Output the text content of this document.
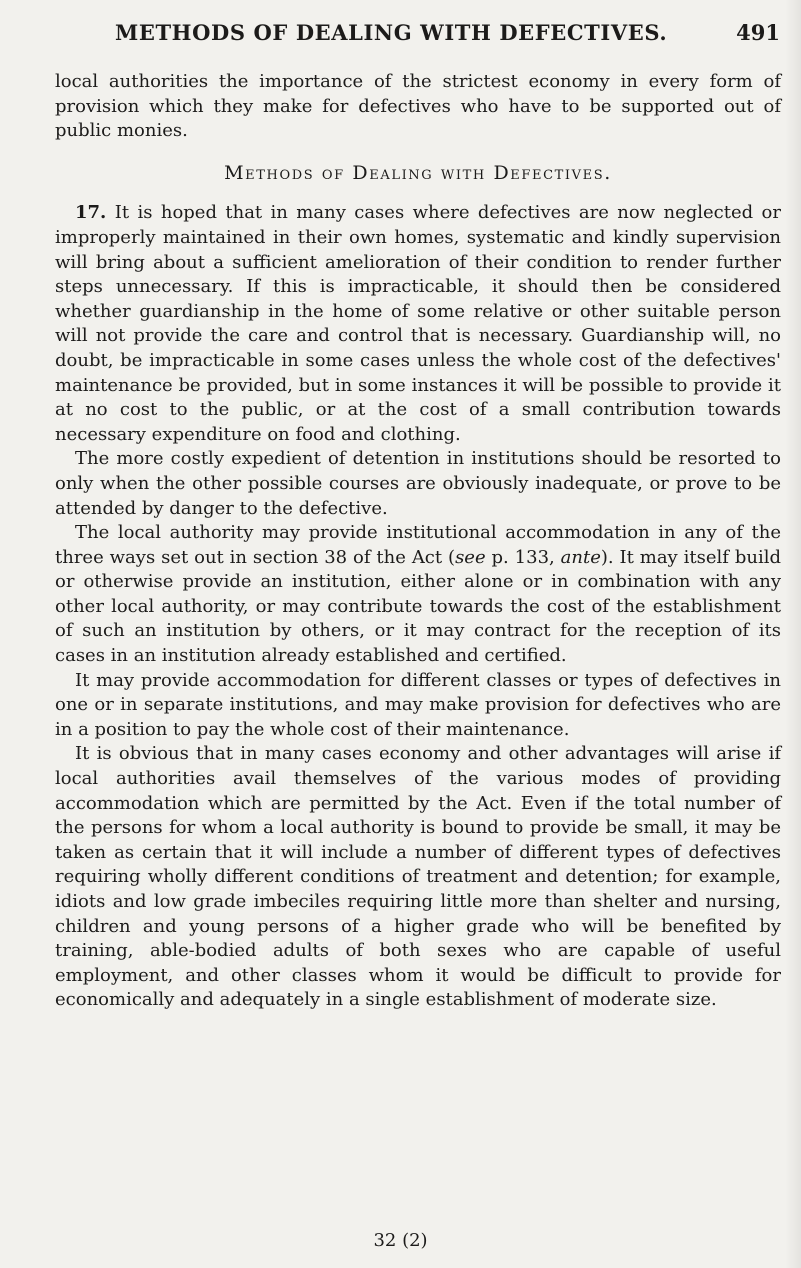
METHODS OF DEALING WITH DEFECTIVES.	491

local authorities the importance of the strictest economy in every form of provision which they make for defectives who have to be supported out of public monies.

Methods of Dealing with Defectives.

17. It is hoped that in many cases where defectives are now neglected or improperly maintained in their own homes, systematic and kindly supervision will bring about a sufficient amelioration of their condition to render further steps unnecessary. If this is impracticable, it should then be considered whether guardianship in the home of some relative or other suitable person will not provide the care and control that is necessary. Guardianship will, no doubt, be impracticable in some cases unless the whole cost of the defectives' maintenance be provided, but in some instances it will be possible to provide it at no cost to the public, or at the cost of a small contribution towards necessary expenditure on food and clothing.

The more costly expedient of detention in institutions should be resorted to only when the other possible courses are obviously inadequate, or prove to be attended by danger to the defective.

The local authority may provide institutional accommodation in any of the three ways set out in section 38 of the Act (see p. 133, ante). It may itself build or otherwise provide an institution, either alone or in combination with any other local authority, or may contribute towards the cost of the establishment of such an institution by others, or it may contract for the reception of its cases in an institution already established and certified.

It may provide accommodation for different classes or types of defectives in one or in separate institutions, and may make provision for defectives who are in a position to pay the whole cost of their maintenance.

It is obvious that in many cases economy and other advantages will arise if local authorities avail themselves of the various modes of providing accommodation which are permitted by the Act. Even if the total number of the persons for whom a local authority is bound to provide be small, it may be taken as certain that it will include a number of different types of defectives requiring wholly different conditions of treatment and detention; for example, idiots and low grade imbeciles requiring little more than shelter and nursing, children and young persons of a higher grade who will be benefited by training, able-bodied adults of both sexes who are capable of useful employment, and other classes whom it would be difficult to provide for economically and adequately in a single establishment of moderate size.

32 (2)
